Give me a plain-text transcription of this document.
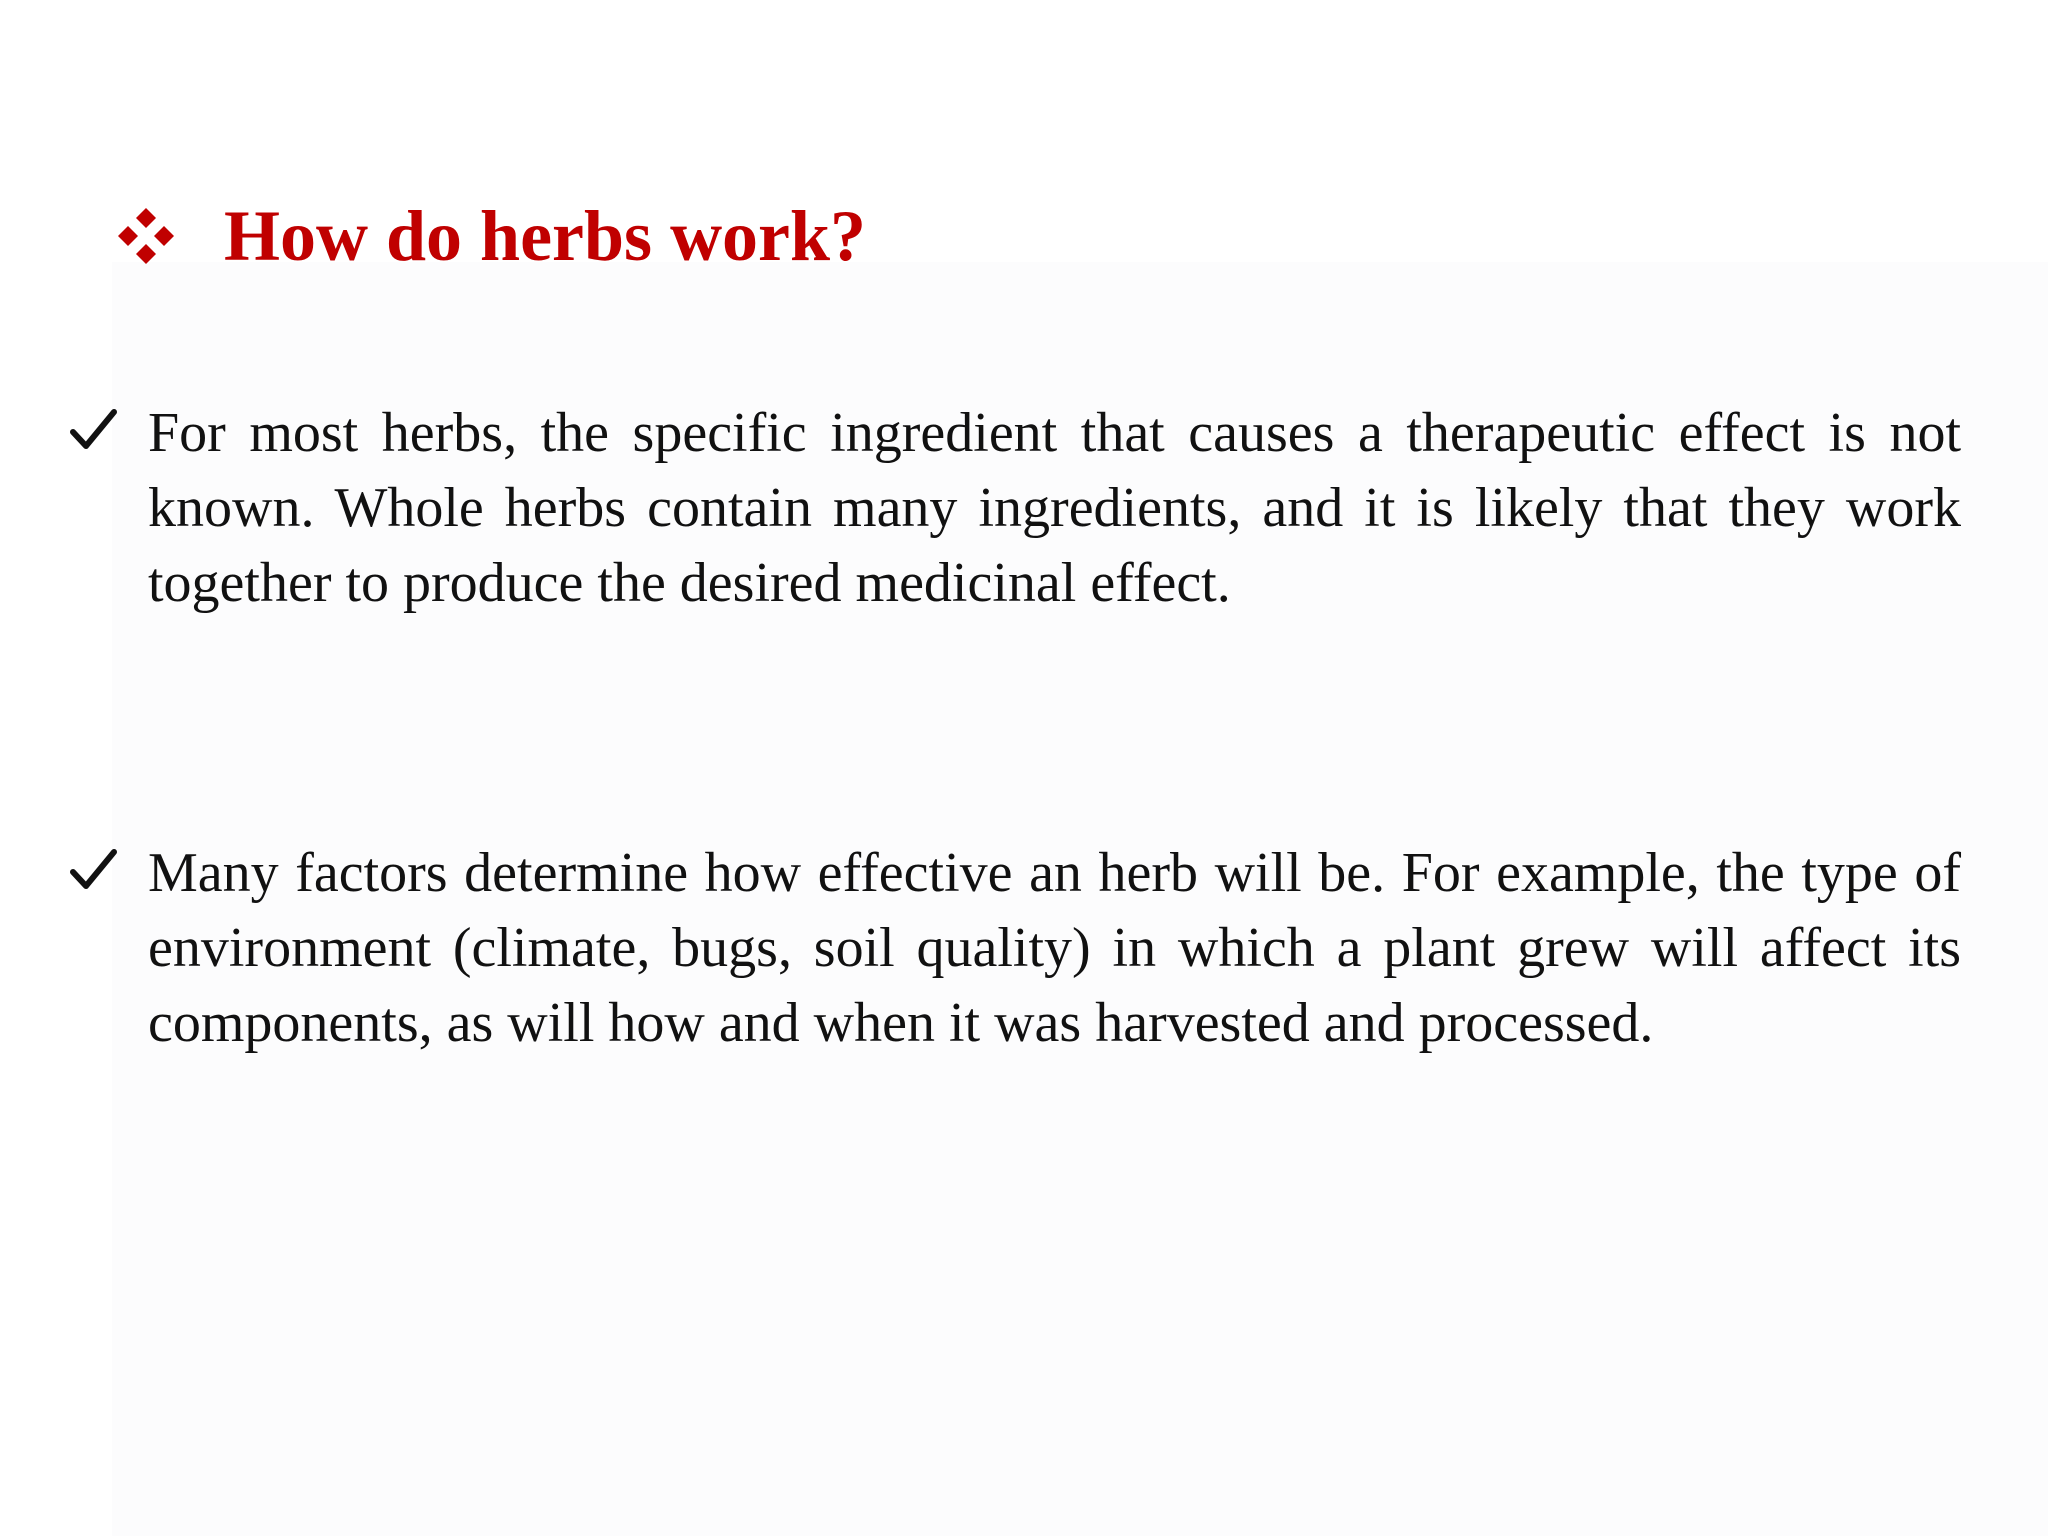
How do herbs work?
For most herbs, the specific ingredient that causes a therapeutic effect is not known. Whole herbs contain many ingredients, and it is likely that they work together to produce the desired medicinal effect.
Many factors determine how effective an herb will be. For example, the type of environment (climate, bugs, soil quality) in which a plant grew will affect its components, as will how and when it was harvested and processed.
